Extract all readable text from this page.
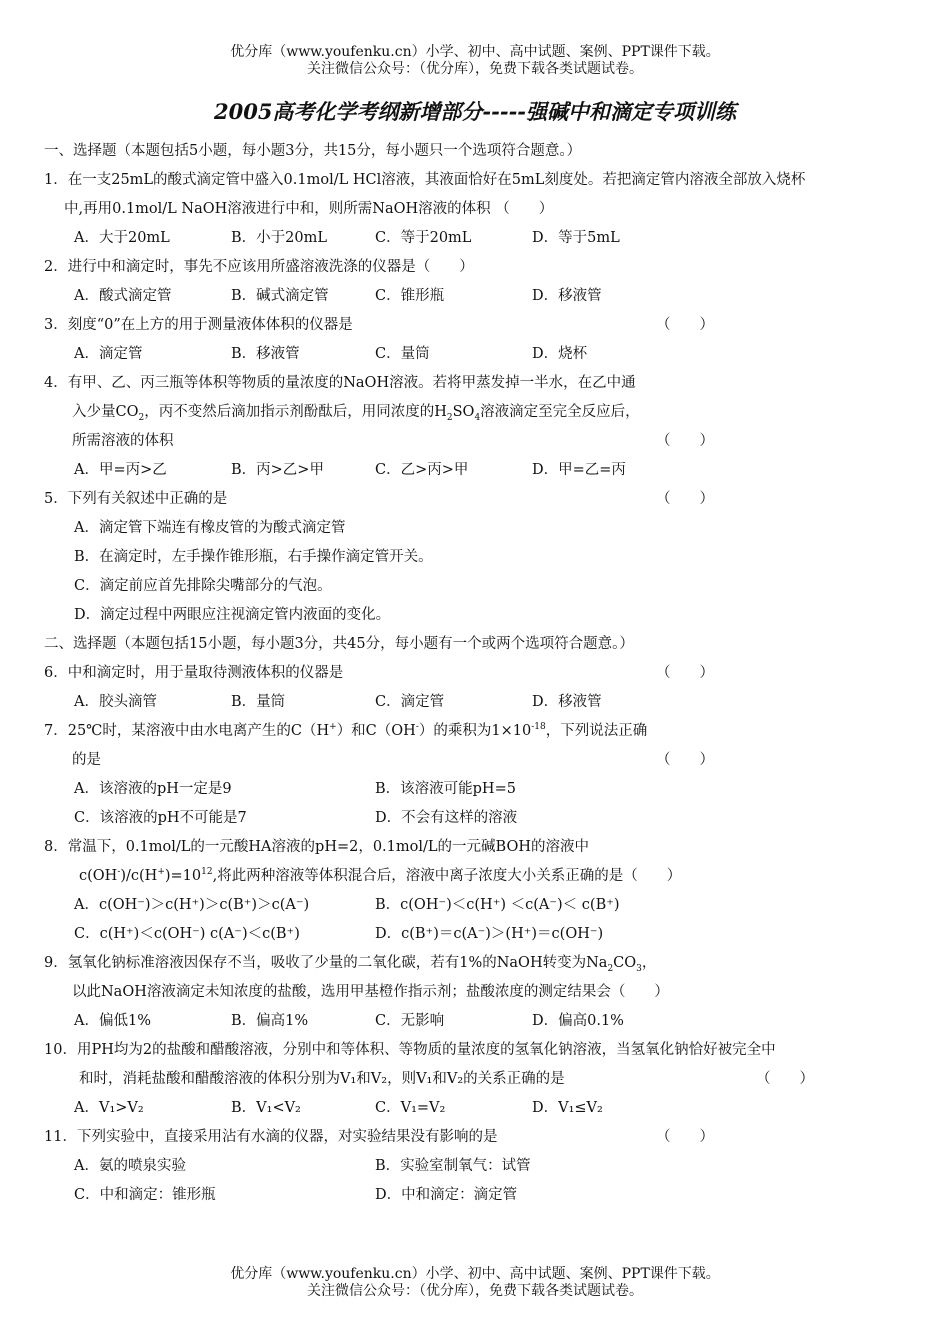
优分库（www.youfenku.cn）小学、初中、高中试题、案例、PPT课件下载。
关注微信公众号：（优分库），免费下载各类试题试卷。
2005高考化学考纲新增部分-----强碱中和滴定专项训练
一、选择题（本题包括5小题，每小题3分，共15分，每小题只一个选项符合题意。）
1．在一支25mL的酸式滴定管中盛入0.1mol/L HCl溶液，其液面恰好在5mL刻度处。若把滴定管内溶液全部放入烧杯
中,再用0.1mol/L NaOH溶液进行中和，则所需NaOH溶液的体积 （　　）
A．大于20mL	B．小于20mL	C．等于20mL	D．等于5mL
2．进行中和滴定时，事先不应该用所盛溶液洗涤的仪器是（　　）
A．酸式滴定管	B．碱式滴定管	C．锥形瓶	D．移液管
3．刻度“0”在上方的用于测量液体体积的仪器是	（　　）
A．滴定管	B．移液管	C．量筒	D．烧杯
4．有甲、乙、丙三瓶等体积等物质的量浓度的NaOH溶液。若将甲蒸发掉一半水，在乙中通
入少量$CO_2$，丙不变然后滴加指示剂酚酞后，用同浓度的$H_2SO_4$溶液滴定至完全反应后，
所需溶液的体积	（　　）
A．甲=丙>乙	B．丙>乙>甲	C．乙>丙>甲	D．甲=乙=丙
5．下列有关叙述中正确的是	（　　）
A．滴定管下端连有橡皮管的为酸式滴定管
B．在滴定时，左手操作锥形瓶，右手操作滴定管开关。
C．滴定前应首先排除尖嘴部分的气泡。
D．滴定过程中两眼应注视滴定管内液面的变化。
二、选择题（本题包括15小题，每小题3分，共45分，每小题有一个或两个选项符合题意。）
6．中和滴定时，用于量取待测液体积的仪器是	（　　）
A．胶头滴管	B．量筒	C．滴定管	D．移液管
7．25℃时，某溶液中由水电离产生的C（H+）和C（OH-）的乘积为$1\times 10^{-18}$，下列说法正确
的是	（　　）
A．该溶液的pH一定是9	B．该溶液可能pH=5
C．该溶液的pH不可能是7	D．不会有这样的溶液
8．常温下，0.1mol/L的一元酸HA溶液的pH=2，0.1mol/L的一元碱BOH的溶液中
$c(OH^-)/c(H^+)=10^{12}$,将此两种溶液等体积混合后，溶液中离子浓度大小关系正确的是（　　）
A．c(OH⁻)＞c(H⁺)＞c(B⁺)＞c(A⁻)	B．c(OH⁻)＜c(H⁺) ＜c(A⁻)＜ c(B⁺)
C．c(H⁺)＜c(OH⁻) c(A⁻)＜c(B⁺)	D．c(B⁺)＝c(A⁻)＞(H⁺)＝c(OH⁻)
9．氢氧化钠标准溶液因保存不当，吸收了少量的二氧化碳，若有1%的NaOH转变为$Na_2CO_3$，
以此NaOH溶液滴定未知浓度的盐酸，选用甲基橙作指示剂；盐酸浓度的测定结果会（　　）
A．偏低1%	B．偏高1%	C．无影响	D．偏高0.1%
10．用PH均为2的盐酸和醋酸溶液，分别中和等体积、等物质的量浓度的氢氧化钠溶液，当氢氧化钠恰好被完全中
和时，消耗盐酸和醋酸溶液的体积分别为V₁和V₂，则V₁和V₂的关系正确的是	（　　）
A．V₁>V₂	B．V₁<V₂	C．V₁=V₂	D．V₁≤V₂
11．下列实验中，直接采用沾有水滴的仪器，对实验结果没有影响的是	（　　）
A．氨的喷泉实验	B．实验室制氧气：试管
C．中和滴定：锥形瓶	D．中和滴定：滴定管
优分库（www.youfenku.cn）小学、初中、高中试题、案例、PPT课件下载。
关注微信公众号：（优分库），免费下载各类试题试卷。
